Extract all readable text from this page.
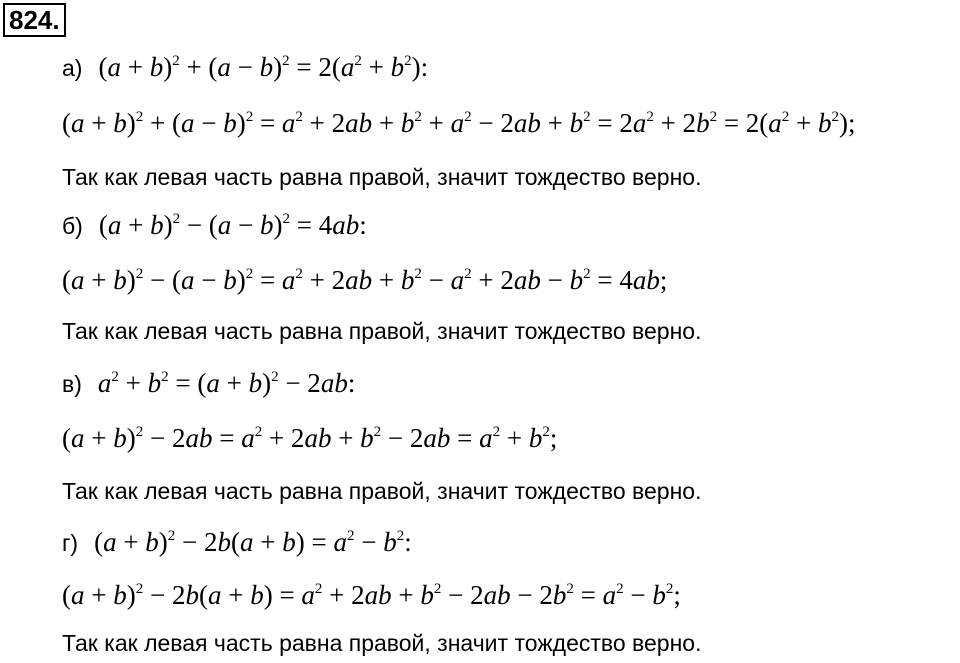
824.
а) $(a + b)^2 + (a - b)^2 = 2(a^2 + b^2)$:
$(a + b)^2 + (a - b)^2 = a^2 + 2ab + b^2 + a^2 - 2ab + b^2 = 2a^2 + 2b^2 = 2(a^2 + b^2)$;
Так как левая часть равна правой, значит тождество верно.
б) $(a + b)^2 - (a - b)^2 = 4ab$:
$(a + b)^2 - (a - b)^2 = a^2 + 2ab + b^2 - a^2 + 2ab - b^2 = 4ab$;
Так как левая часть равна правой, значит тождество верно.
в) $a^2 + b^2 = (a + b)^2 - 2ab$:
$(a + b)^2 - 2ab = a^2 + 2ab + b^2 - 2ab = a^2 + b^2$;
Так как левая часть равна правой, значит тождество верно.
г) $(a + b)^2 - 2b(a + b) = a^2 - b^2$:
$(a + b)^2 - 2b(a + b) = a^2 + 2ab + b^2 - 2ab - 2b^2 = a^2 - b^2$;
Так как левая часть равна правой, значит тождество верно.
